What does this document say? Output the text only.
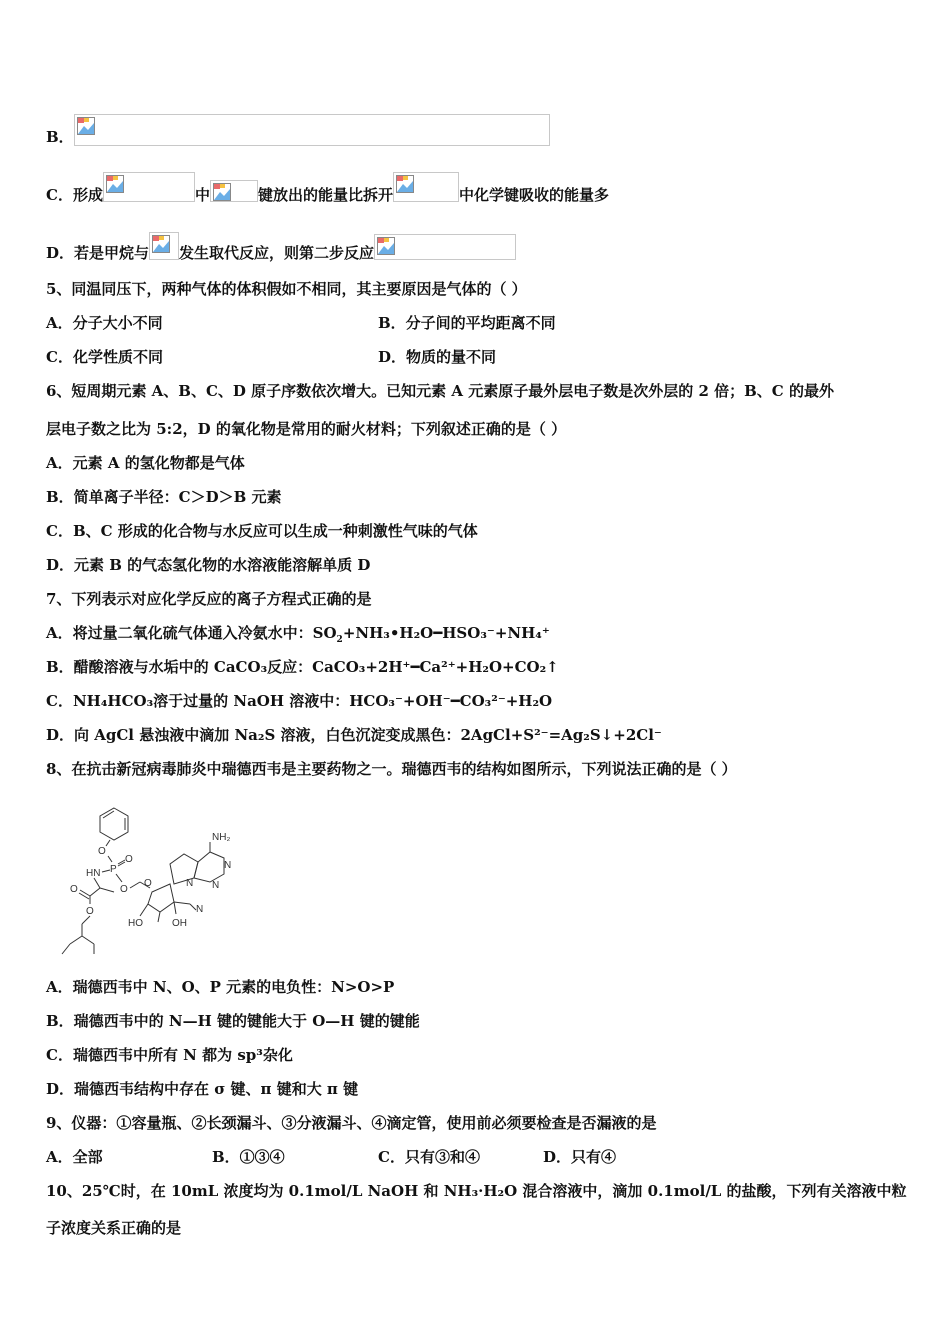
B．
C．形成	中	键放出的能量比拆开	中化学键吸收的能量多
D．若是甲烷与 发生取代反应，则第二步反应
5、同温同压下，两种气体的体积假如不相同，其主要原因是气体的（ ）
A．分子大小不同	B．分子间的平均距离不同
C．化学性质不同	D．物质的量不同
6、短周期元素 A、B、C、D 原子序数依次增大。已知元素 A 元素原子最外层电子数是次外层的 2 倍；B、C 的最外
层电子数之比为 5:2，D 的氧化物是常用的耐火材料；下列叙述正确的是（ ）
A．元素 A 的氢化物都是气体
B．简单离子半径：C＞D＞B 元素
C．B、C 形成的化合物与水反应可以生成一种刺激性气味的气体
D．元素 B 的气态氢化物的水溶液能溶解单质 D
7、下列表示对应化学反应的离子方程式正确的是
A．将过量二氧化硫气体通入冷氨水中：$SO_2+NH_3•H_2O━HSO_3^-+NH_4^+$
B．醋酸溶液与水垢中的 CaCO₃反应：CaCO₃+2H⁺━Ca²⁺+H₂O+CO₂↑
C．NH₄HCO₃溶于过量的 NaOH 溶液中：HCO₃⁻+OH⁻━CO₃²⁻+H₂O
D．向 AgCl 悬浊液中滴加 Na₂S 溶液，白色沉淀变成黑色：2AgCl+S²⁻=Ag₂S↓+2Cl⁻
8、在抗击新冠病毒肺炎中瑞德西韦是主要药物之一。瑞德西韦的结构如图所示，下列说法正确的是（ ）
O
P
O
HN
O
O
O
O
HO	OH
N
NH₂
N
N
N
A．瑞德西韦中 N、O、P 元素的电负性：N>O>P
B．瑞德西韦中的 N—H 键的键能大于 O—H 键的键能
C．瑞德西韦中所有 N 都为 sp³杂化
D．瑞德西韦结构中存在 σ 键、π 键和大 π 键
9、仪器：①容量瓶、②长颈漏斗、③分液漏斗、④滴定管，使用前必须要检查是否漏液的是
A．全部	B．①③④	C．只有③和④	D．只有④
10、25℃时，在 10mL 浓度均为 0.1mol/L NaOH 和 NH₃·H₂O 混合溶液中，滴加 0.1mol/L 的盐酸，下列有关溶液中粒
子浓度关系正确的是
